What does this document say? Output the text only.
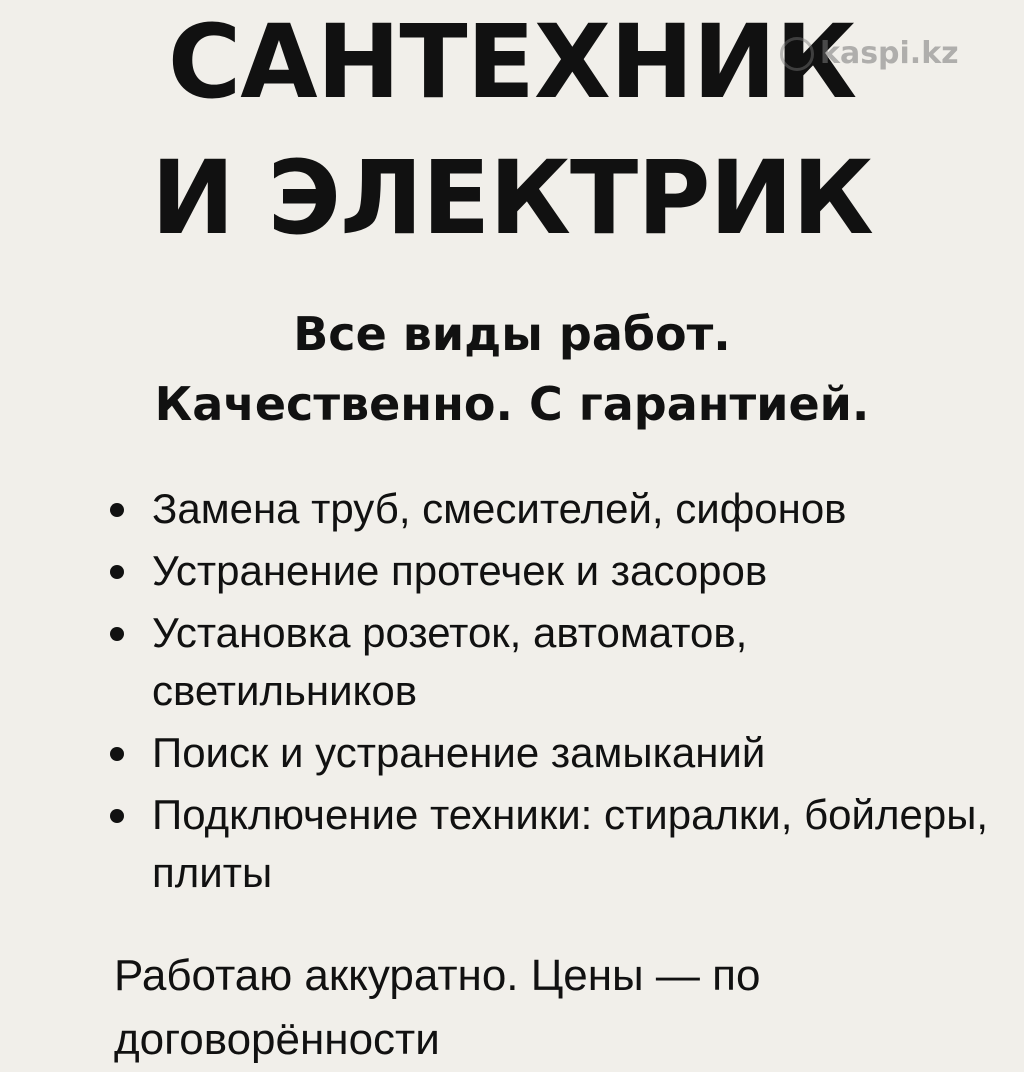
САНТЕХНИК
И ЭЛЕКТРИК
kaspi.kz
Все виды работ.
Качественно. С гарантией.
Замена труб, смесителей, сифонов
Устранение протечек и засоров
Установка розеток, автоматов, светильников
Поиск и устранение замыканий
Подключение техники: стиралки, бойлеры, плиты

Работаю аккуратно. Цены — по договорённости
